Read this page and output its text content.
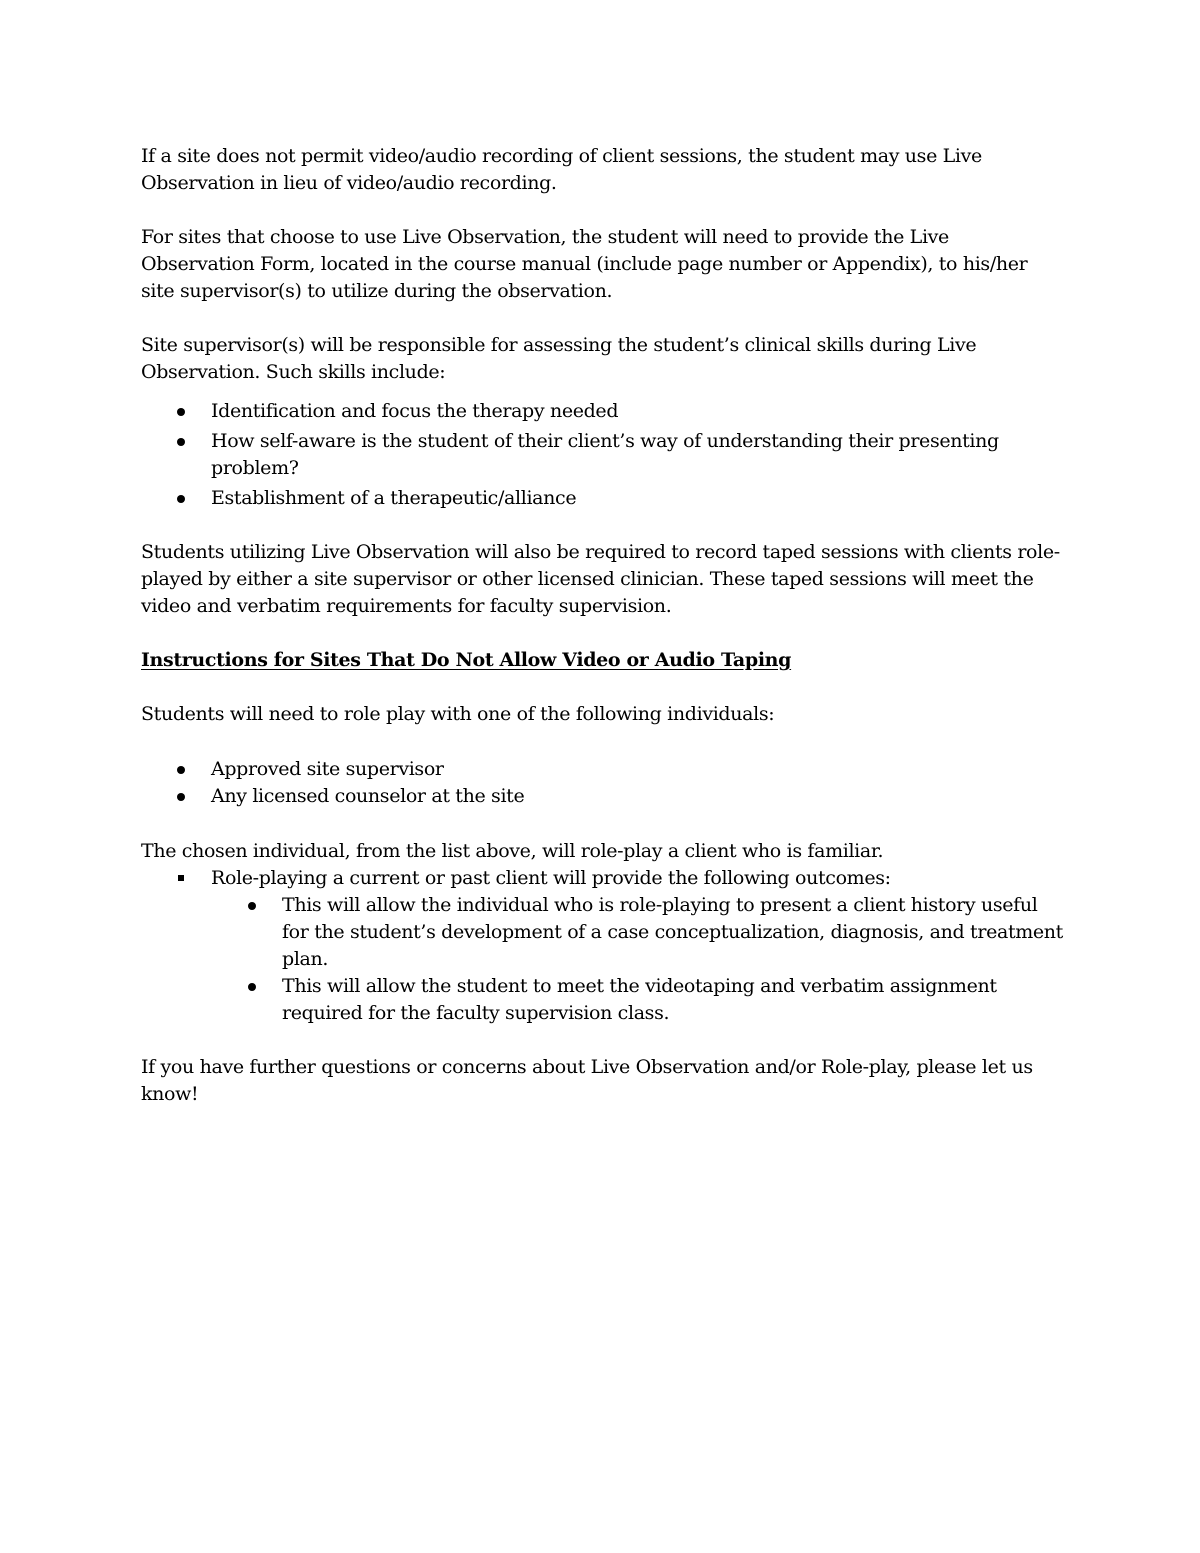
If a site does not permit video/audio recording of client sessions, the student may use Live Observation in lieu of video/audio recording.

For sites that choose to use Live Observation, the student will need to provide the Live Observation Form, located in the course manual (include page number or Appendix), to his/her site supervisor(s) to utilize during the observation.

Site supervisor(s) will be responsible for assessing the student’s clinical skills during Live Observation. Such skills include:

Identification and focus the therapy needed
How self-aware is the student of their client’s way of understanding their presenting problem?
Establishment of a therapeutic/alliance

Students utilizing Live Observation will also be required to record taped sessions with clients role-played by either a site supervisor or other licensed clinician. These taped sessions will meet the video and verbatim requirements for faculty supervision.

Instructions for Sites That Do Not Allow Video or Audio Taping

Students will need to role play with one of the following individuals:

Approved site supervisor
Any licensed counselor at the site

The chosen individual, from the list above, will role-play a client who is familiar.

Role-playing a current or past client will provide the following outcomes:
This will allow the individual who is role-playing to present a client history useful for the student’s development of a case conceptualization, diagnosis, and treatment plan.
This will allow the student to meet the videotaping and verbatim assignment required for the faculty supervision class.

If you have further questions or concerns about Live Observation and/or Role-play, please let us know!
